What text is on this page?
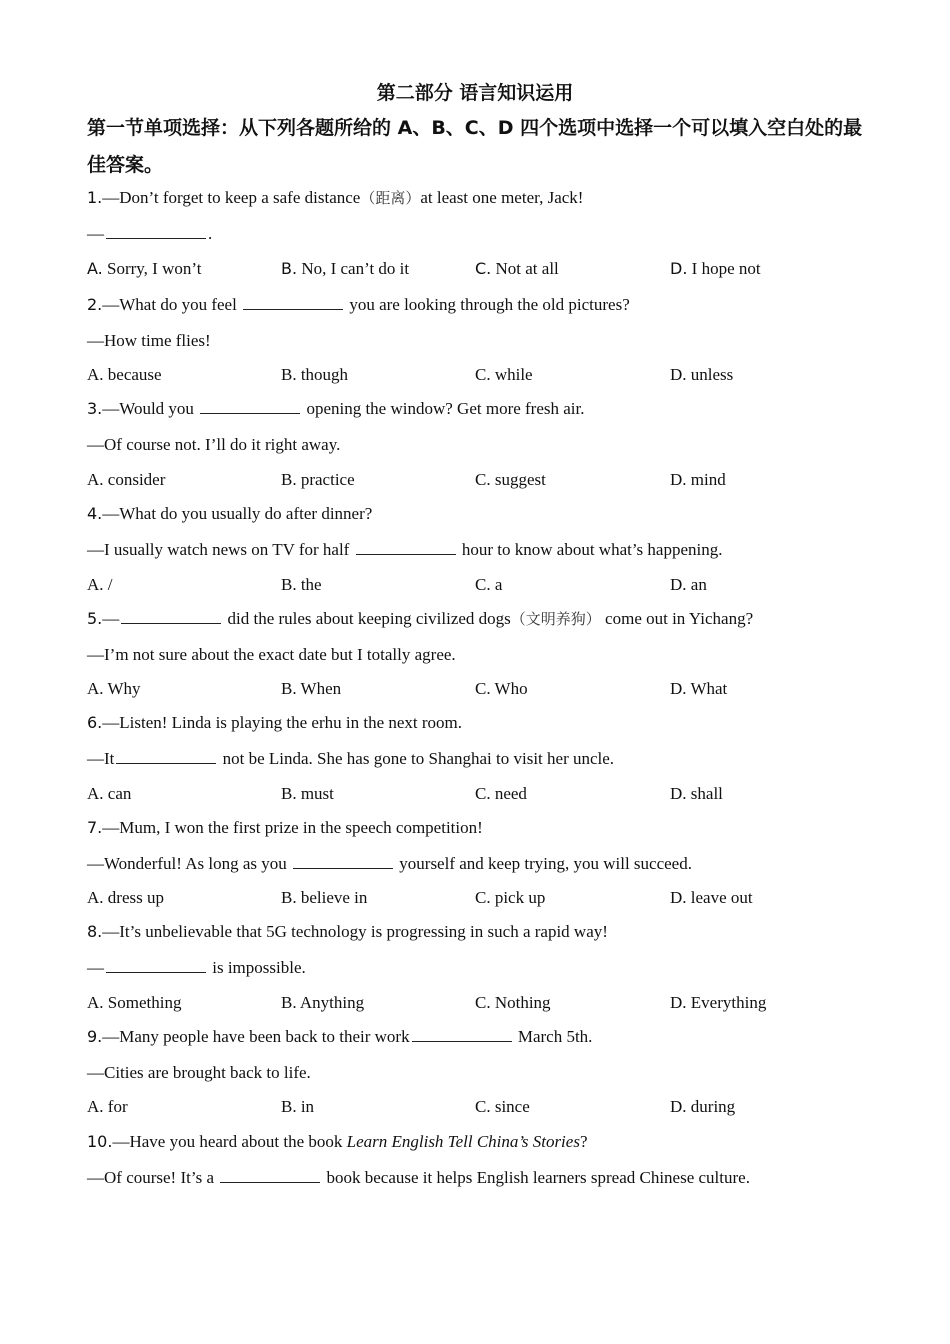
第二部分 语言知识运用
第一节单项选择：从下列各题所给的 A、B、C、D 四个选项中选择一个可以填入空白处的最佳答案。
1.—Don’t forget to keep a safe distance（距离）at least one meter, Jack!
—	.
A. Sorry, I won’t	B. No, I can’t do it	C. Not at all	D. I hope not
2.—What do you feel	you are looking through the old pictures?
—How time flies!
A. because	B. though	C. while	D. unless
3.—Would you	opening the window? Get more fresh air.
—Of course not. I’ll do it right away.
A. consider	B. practice	C. suggest	D. mind
4.—What do you usually do after dinner?
—I usually watch news on TV for half	hour to know about what’s happening.
A. /	B. the	C. a	D. an
5.—	did the rules about keeping civilized dogs（文明养狗） come out in Yichang?
—I’m not sure about the exact date but I totally agree.
A. Why	B. When	C. Who	D. What
6.—Listen! Linda is playing the erhu in the next room.
—It	not be Linda. She has gone to Shanghai to visit her uncle.
A. can	B. must	C. need	D. shall
7.—Mum, I won the first prize in the speech competition!
—Wonderful! As long as you	yourself and keep trying, you will succeed.
A. dress up	B. believe in	C. pick up	D. leave out
8.—It’s unbelievable that 5G technology is progressing in such a rapid way!
—	is impossible.
A. Something	B. Anything	C. Nothing	D. Everything
9.—Many people have been back to their work	March 5th.
—Cities are brought back to life.
A. for	B. in	C. since	D. during
10.—Have you heard about the book Learn English Tell China’s Stories?
—Of course! It’s a	book because it helps English learners spread Chinese culture.
